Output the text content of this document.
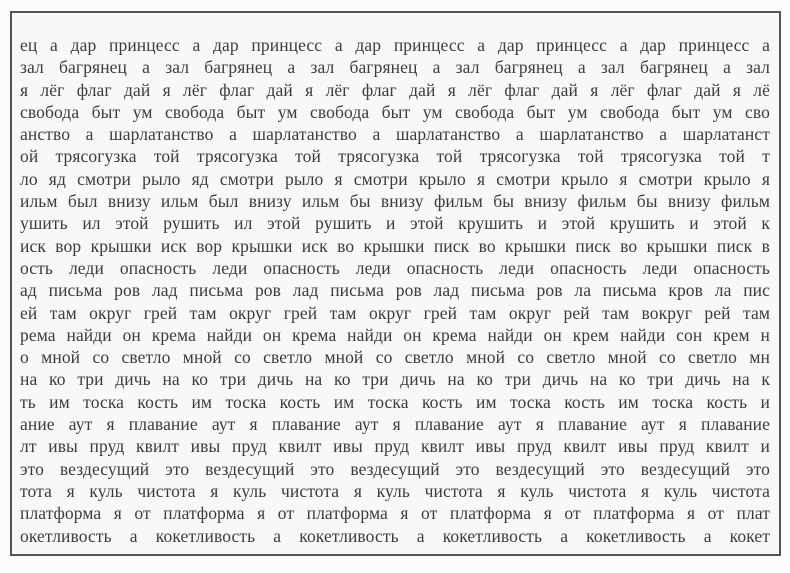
ец а дар принцесс а дар принцесс а дар принцесс а дар принцесс а дар принцесс а
зал багрянец а зал багрянец а зал багрянец а зал багрянец а зал багрянец а зал
я лёг флаг дай я лёг флаг дай я лёг флаг дай я лёг флаг дай я лёг флаг дай я лё
свобода быт ум свобода быт ум свобода быт ум свобода быт ум свобода быт ум сво
анство а шарлатанство а шарлатанство а шарлатанство а шарлатанство а шарлатанст
ой трясогузка той трясогузка той трясогузка той трясогузка той трясогузка той т
ло яд смотри рыло яд смотри рыло я смотри крыло я смотри крыло я смотри крыло я
ильм был внизу ильм был внизу ильм бы внизу фильм бы внизу фильм бы внизу фильм
ушить ил этой рушить ил этой рушить и этой крушить и этой крушить и этой к
иск вор крышки иск вор крышки иск во крышки писк во крышки писк во крышки писк в
ость леди опасность леди опасность леди опасность леди опасность леди опасность
ад письма ров лад письма ров лад письма ров лад письма ров ла письма кров ла пис
ей там округ грей там округ грей там округ грей там округ рей там вокруг рей там
рема найди он крема найди он крема найди он крема найди он крем найди сон крем н
о мной со светло мной со светло мной со светло мной со светло мной со светло мн
на ко три дичь на ко три дичь на ко три дичь на ко три дичь на ко три дичь на к
ть им тоска кость им тоска кость им тоска кость им тоска кость им тоска кость и
ание аут я плавание аут я плавание аут я плавание аут я плавание аут я плавание
лт ивы пруд квилт ивы пруд квилт ивы пруд квилт ивы пруд квилт ивы пруд квилт и
это вездесущий это вездесущий это вездесущий это вездесущий это вездесущий это
тота я куль чистота я куль чистота я куль чистота я куль чистота я куль чистота
платформа я от платформа я от платформа я от платформа я от платформа я от плат
окетливость а кокетливость а кокетливость а кокетливость а кокетливость а кокет
